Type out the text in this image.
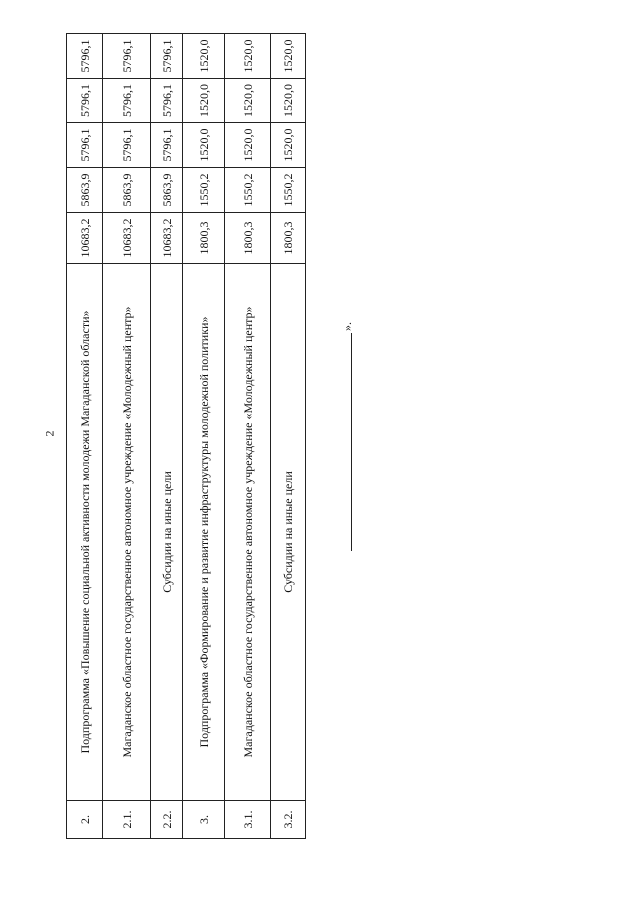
2
2.	Подпрограмма «Повышение социальной активности молодежи Магаданской области»	10683,2	5863,9	5796,1	5796,1	5796,1
2.1.	Магаданское областное государственное автономное учреждение «Молодежный центр»	10683,2	5863,9	5796,1	5796,1	5796,1
2.2.	Субсидии на иные цели	10683,2	5863,9	5796,1	5796,1	5796,1
3.	Подпрограмма «Формирование и развитие инфраструктуры молодежной политики»	1800,3	1550,2	1520,0	1520,0	1520,0
3.1.	Магаданское областное государственное автономное учреждение «Молодежный центр»	1800,3	1550,2	1520,0	1520,0	1520,0
3.2.	Субсидии на иные цели	1800,3	1550,2	1520,0	1520,0	1520,0
».
